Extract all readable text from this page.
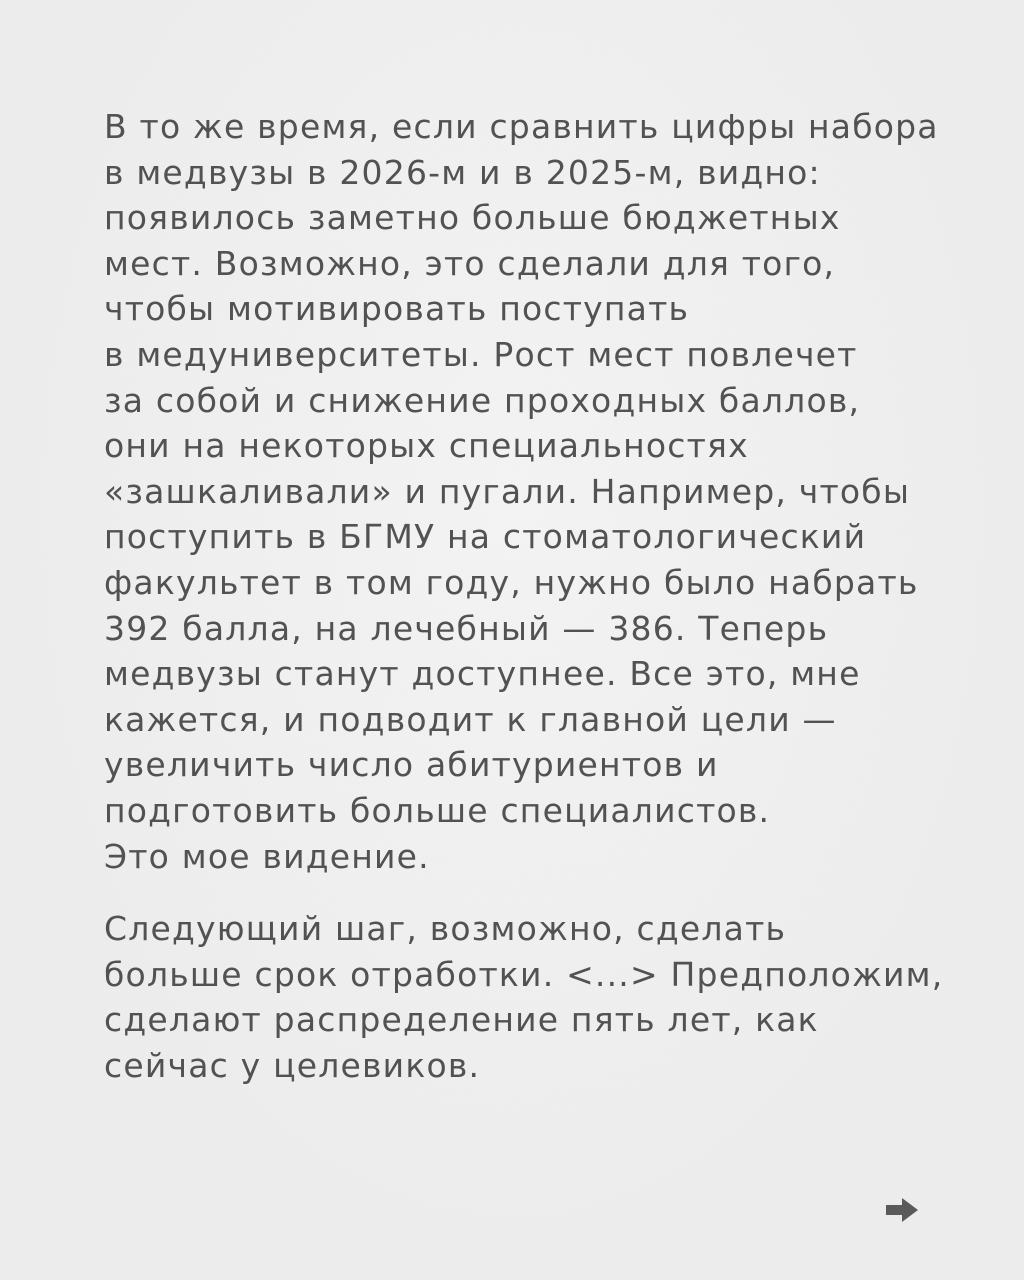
В то же время, если сравнить цифры набора
в медвузы в 2026-м и в 2025-м, видно:
появилось заметно больше бюджетных
мест. Возможно, это сделали для того,
чтобы мотивировать поступать
в медуниверситеты. Рост мест повлечет
за собой и снижение проходных баллов,
они на некоторых специальностях
«зашкаливали» и пугали. Например, чтобы
поступить в БГМУ на стоматологический
факультет в том году, нужно было набрать
392 балла, на лечебный — 386. Теперь
медвузы станут доступнее. Все это, мне
кажется, и подводит к главной цели —
увеличить число абитуриентов и
подготовить больше специалистов.
Это мое видение.
Следующий шаг, возможно, сделать
больше срок отработки. <...> Предположим,
сделают распределение пять лет, как
сейчас у целевиков.
